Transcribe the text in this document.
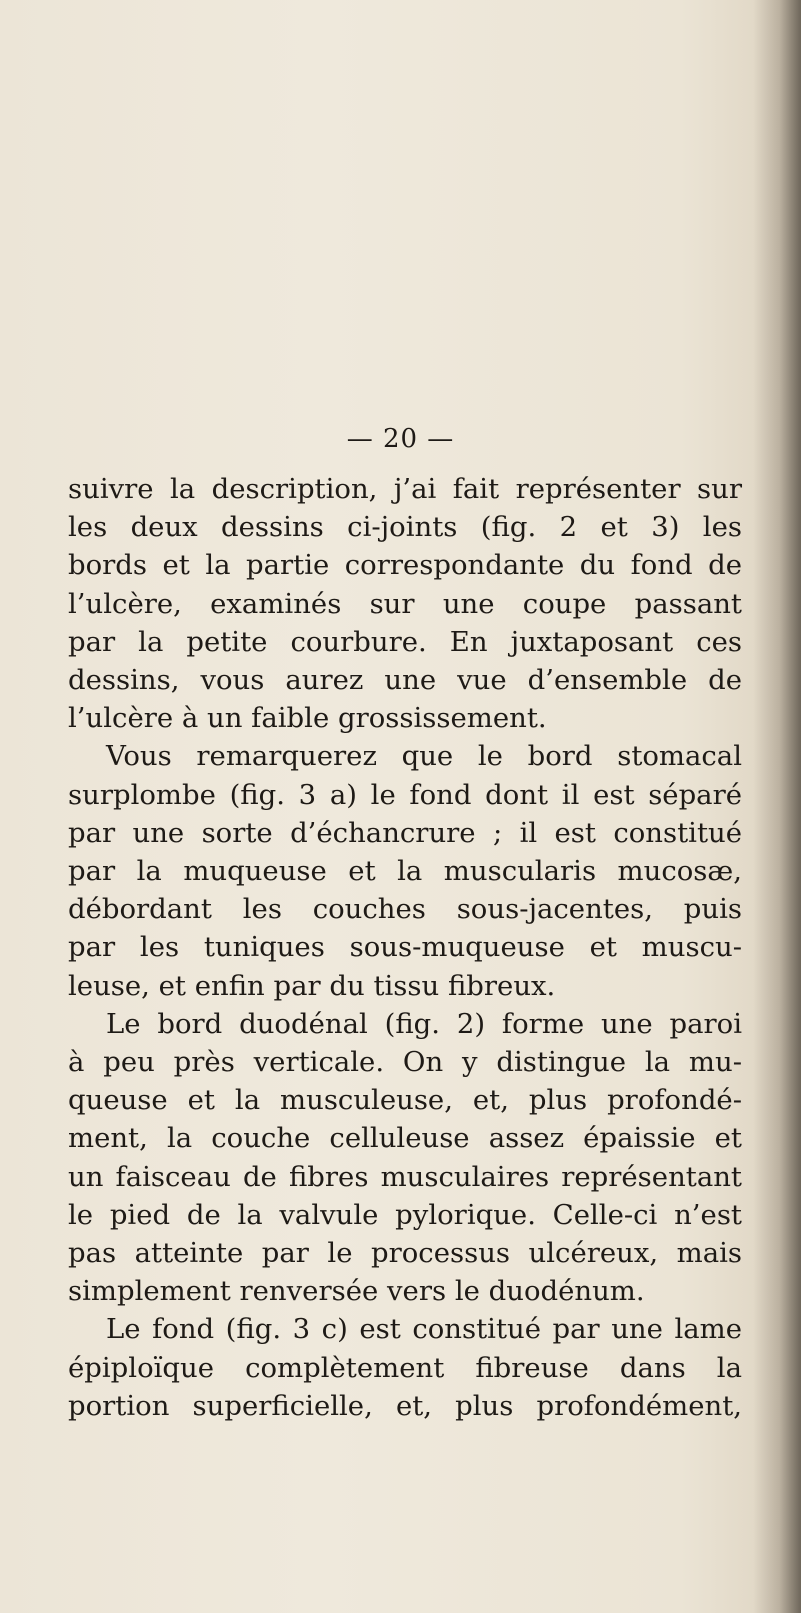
— 20 —
suivre la description, j’ai fait représenter sur
les deux dessins ci-joints (fig. 2 et 3) les
bords et la partie correspondante du fond de
l’ulcère, examinés sur une coupe passant
par la petite courbure. En juxtaposant ces
dessins, vous aurez une vue d’ensemble de
l’ulcère à un faible grossissement.
Vous remarquerez que le bord stomacal
surplombe (fig. 3 a) le fond dont il est séparé
par une sorte d’échancrure ; il est constitué
par la muqueuse et la muscularis mucosæ,
débordant les couches sous-jacentes, puis
par les tuniques sous-muqueuse et muscu-
leuse, et enfin par du tissu fibreux.
Le bord duodénal (fig. 2) forme une paroi
à peu près verticale. On y distingue la mu-
queuse et la musculeuse, et, plus profondé-
ment, la couche celluleuse assez épaissie et
un faisceau de fibres musculaires représentant
le pied de la valvule pylorique. Celle-ci n’est
pas atteinte par le processus ulcéreux, mais
simplement renversée vers le duodénum.
Le fond (fig. 3 c) est constitué par une lame
épiploïque complètement fibreuse dans la
portion superficielle, et, plus profondément,
